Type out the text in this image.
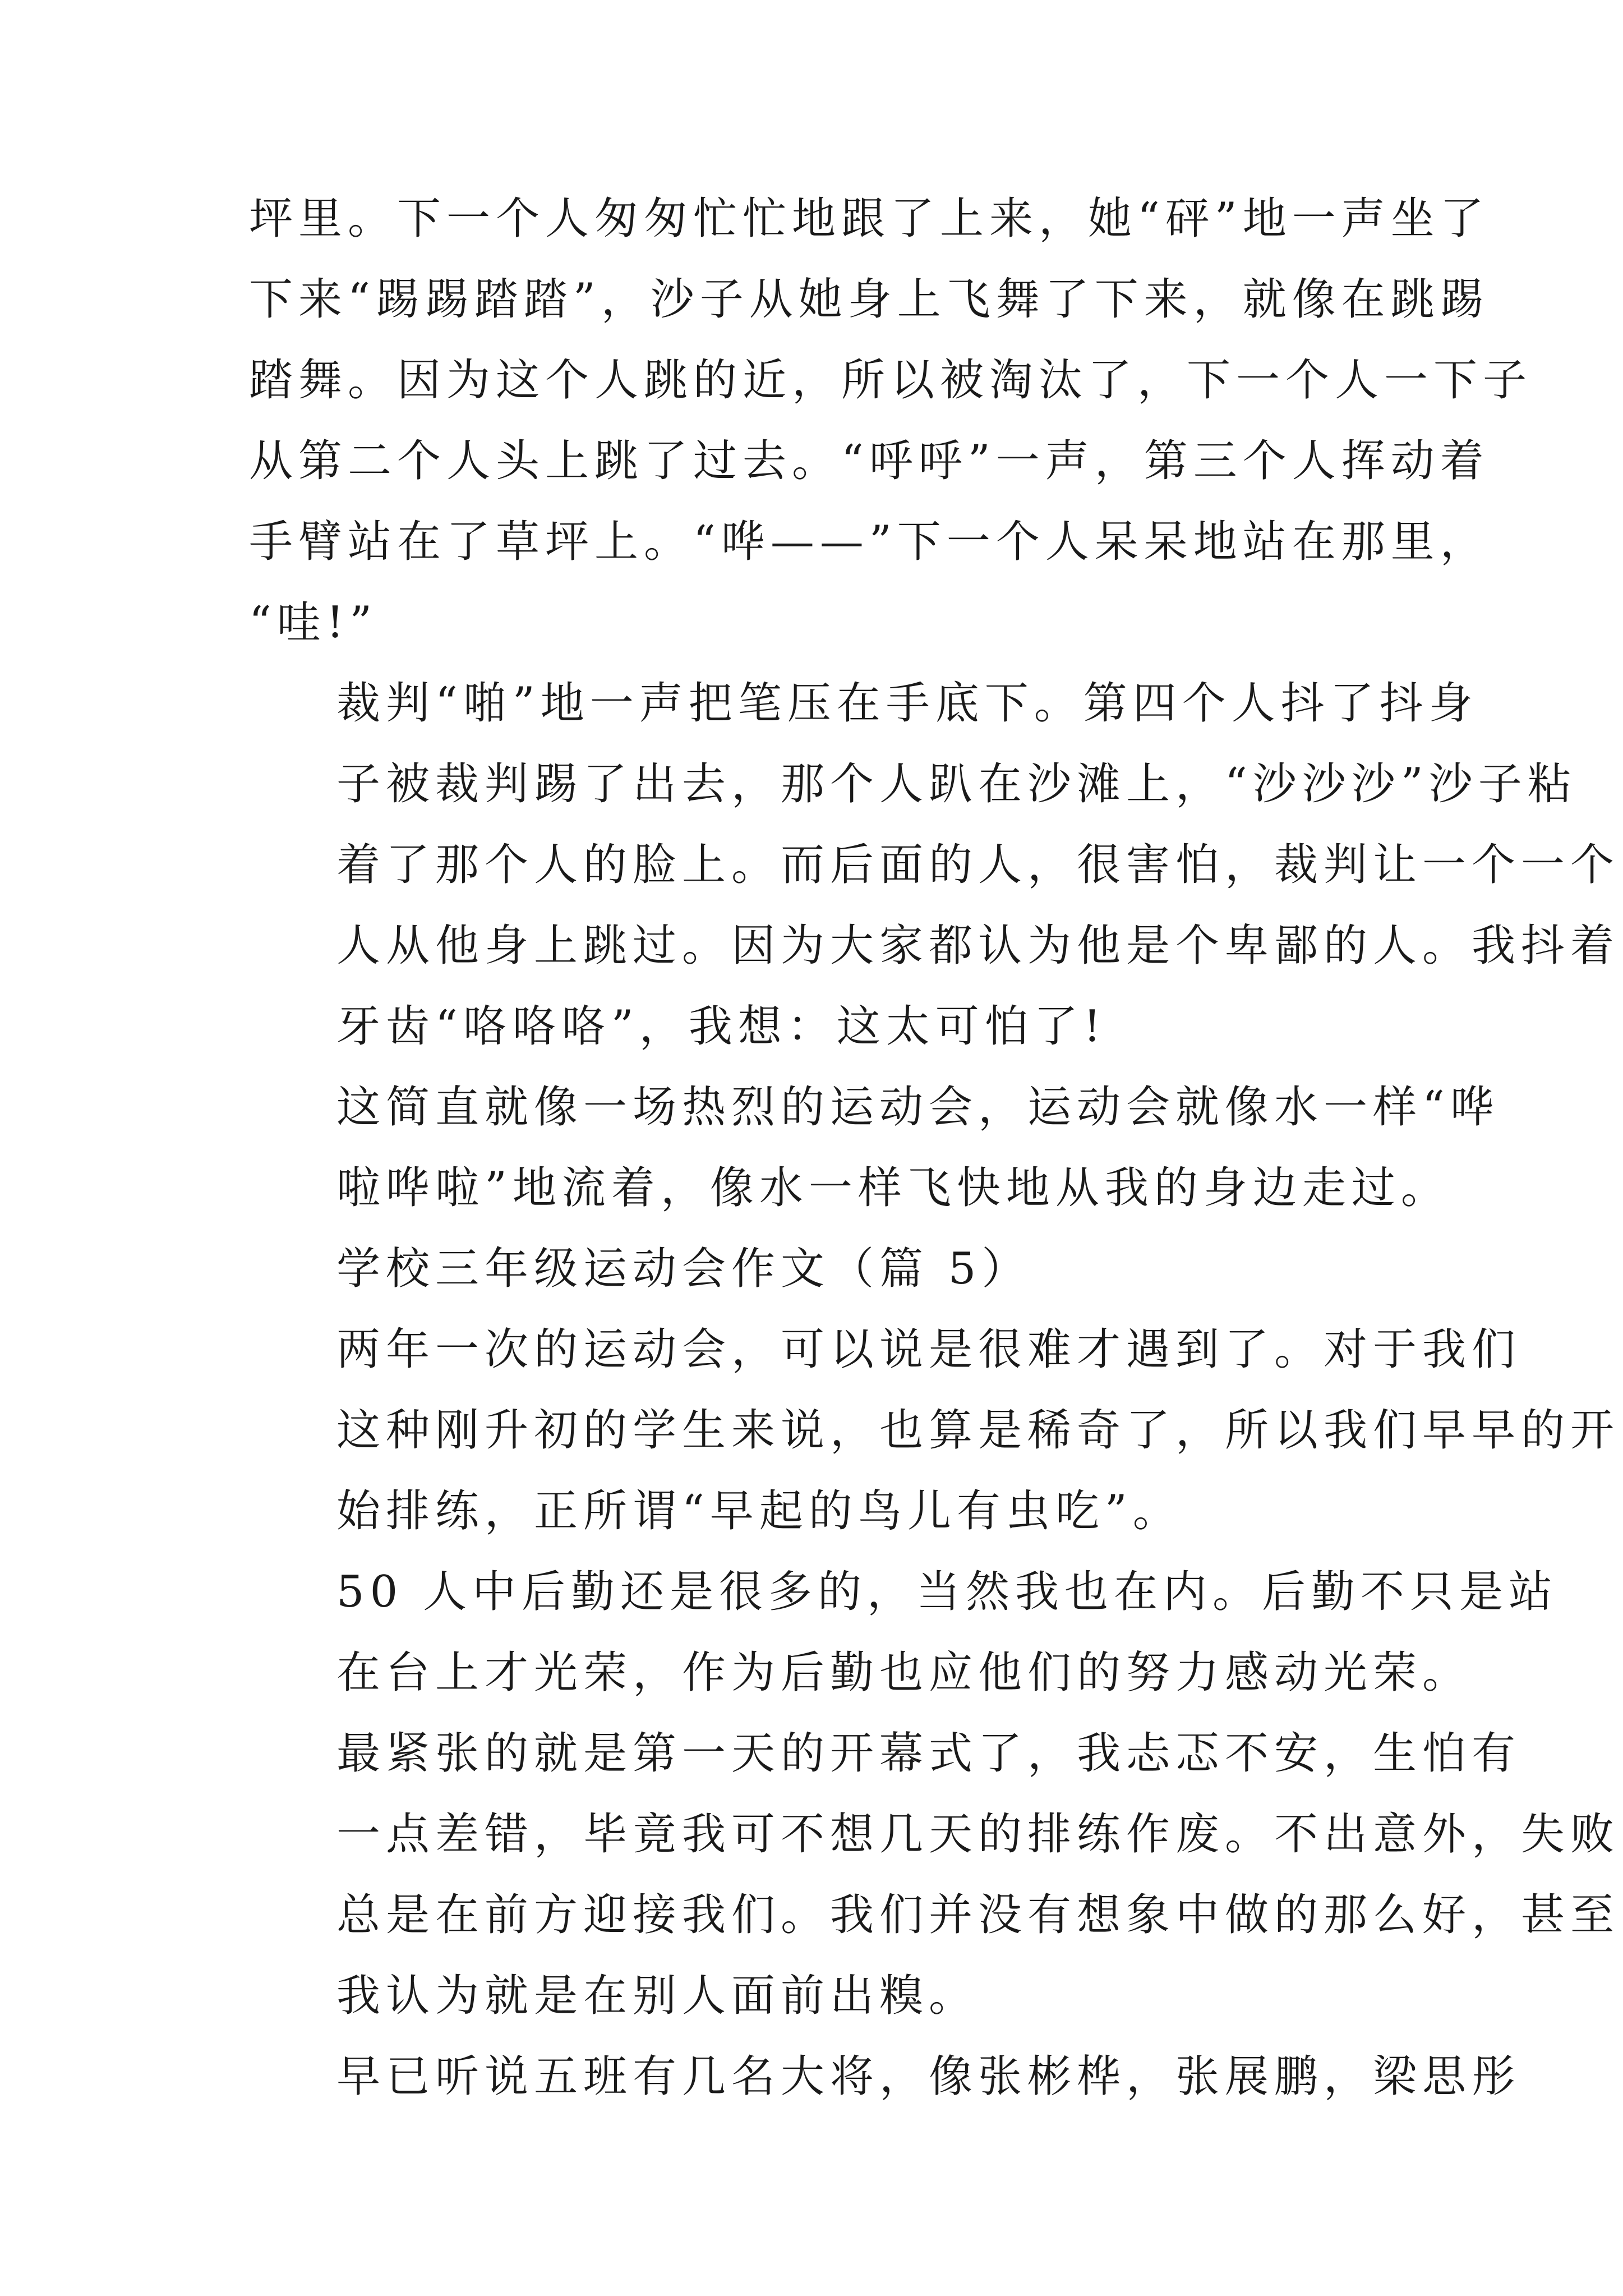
坪里。下一个人匆匆忙忙地跟了上来，她“砰”地一声坐了
下来“踢踢踏踏”，沙子从她身上飞舞了下来，就像在跳踢
踏舞。因为这个人跳的近，所以被淘汰了，下一个人一下子
从第二个人头上跳了过去。“呼呼”一声，第三个人挥动着
手臂站在了草坪上。“哗——”下一个人呆呆地站在那里，
“哇!”

裁判“啪”地一声把笔压在手底下。第四个人抖了抖身
子被裁判踢了出去，那个人趴在沙滩上，“沙沙沙”沙子粘
着了那个人的脸上。而后面的人，很害怕，裁判让一个一个
人从他身上跳过。因为大家都认为他是个卑鄙的人。我抖着
牙齿“咯咯咯”，我想：这太可怕了!

这简直就像一场热烈的运动会，运动会就像水一样“哗
啦哗啦”地流着，像水一样飞快地从我的身边走过。

学校三年级运动会作文（篇 5）

两年一次的运动会，可以说是很难才遇到了。对于我们
这种刚升初的学生来说，也算是稀奇了，所以我们早早的开
始排练，正所谓“早起的鸟儿有虫吃”。

50 人中后勤还是很多的，当然我也在内。后勤不只是站
在台上才光荣，作为后勤也应他们的努力感动光荣。

最紧张的就是第一天的开幕式了，我忐忑不安，生怕有
一点差错，毕竟我可不想几天的排练作废。不出意外，失败
总是在前方迎接我们。我们并没有想象中做的那么好，甚至
我认为就是在别人面前出糗。

早已听说五班有几名大将，像张彬桦，张展鹏，梁思彤
